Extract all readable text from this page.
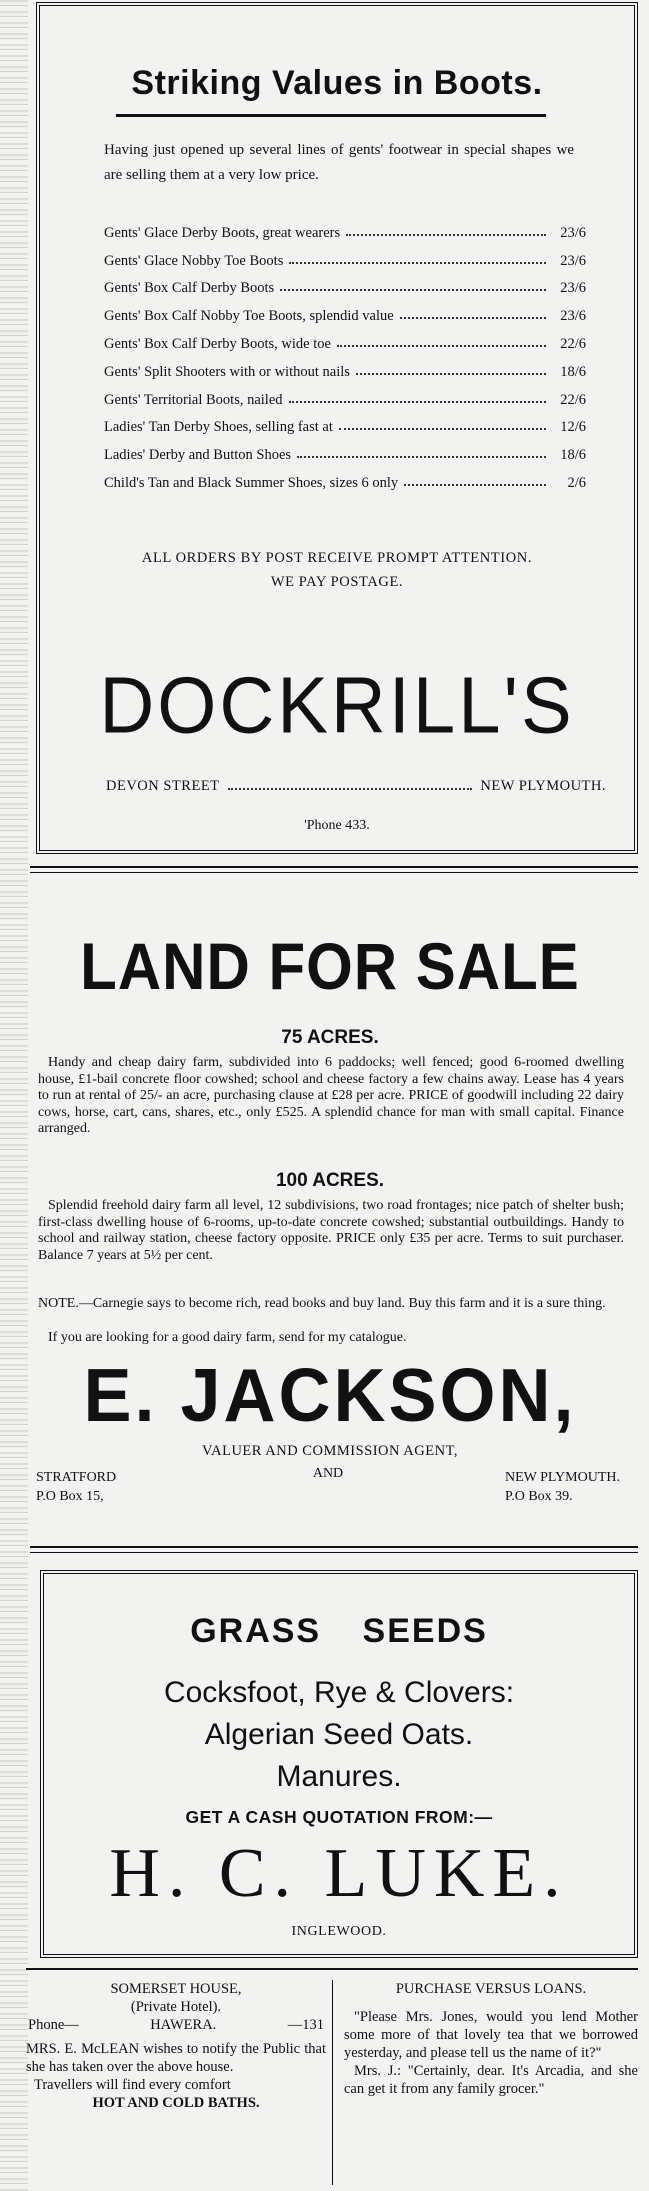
Striking Values in Boots.
Having just opened up several lines of gents' footwear in special shapes we are selling them at a very low price.
Gents' Glace Derby Boots, great wearers	23/6
Gents' Glace Nobby Toe Boots	23/6
Gents' Box Calf Derby Boots	23/6
Gents' Box Calf Nobby Toe Boots, splendid value	23/6
Gents' Box Calf Derby Boots, wide toe	22/6
Gents' Split Shooters with or without nails	18/6
Gents' Territorial Boots, nailed	22/6
Ladies' Tan Derby Shoes, selling fast at	12/6
Ladies' Derby and Button Shoes	18/6
Child's Tan and Black Summer Shoes, sizes 6 only	2/6
ALL ORDERS BY POST RECEIVE PROMPT ATTENTION.
WE PAY POSTAGE.
DOCKRILL'S
DEVON STREET	NEW PLYMOUTH.
'Phone 433.
LAND FOR SALE
75 ACRES.
Handy and cheap dairy farm, subdivided into 6 paddocks; well fenced; good 6-roomed dwelling house, £1-bail concrete floor cowshed; school and cheese factory a few chains away. Lease has 4 years to run at rental of 25/- an acre, purchasing clause at £28 per acre. PRICE of goodwill including 22 dairy cows, horse, cart, cans, shares, etc., only £525. A splendid chance for man with small capital. Finance arranged.
100 ACRES.
Splendid freehold dairy farm all level, 12 subdivisions, two road frontages; nice patch of shelter bush; first-class dwelling house of 6-rooms, up-to-date concrete cowshed; substantial outbuildings. Handy to school and railway station, cheese factory opposite. PRICE only £35 per acre. Terms to suit purchaser. Balance 7 years at 5½ per cent.
NOTE.—Carnegie says to become rich, read books and buy land. Buy this farm and it is a sure thing.
If you are looking for a good dairy farm, send for my catalogue.
E. JACKSON,
VALUER AND COMMISSION AGENT,
STRATFORD
P.O Box 15,
AND	NEW PLYMOUTH.
P.O Box 39.
GRASS SEEDS
Cocksfoot, Rye & Clovers:
Algerian Seed Oats.
Manures.
GET A CASH QUOTATION FROM:—
H. C. LUKE.
INGLEWOOD.
SOMERSET HOUSE,
(Private Hotel).
Phone—	HAWERA.	—131
MRS. E. McLEAN wishes to notify the Public that she has taken over the above house.
Travellers will find every comfort
HOT AND COLD BATHS.
PURCHASE VERSUS LOANS.
"Please Mrs. Jones, would you lend Mother some more of that lovely tea that we borrowed yesterday, and please tell us the name of it?"
Mrs. J.: "Certainly, dear. It's Arcadia, and she can get it from any family grocer."
